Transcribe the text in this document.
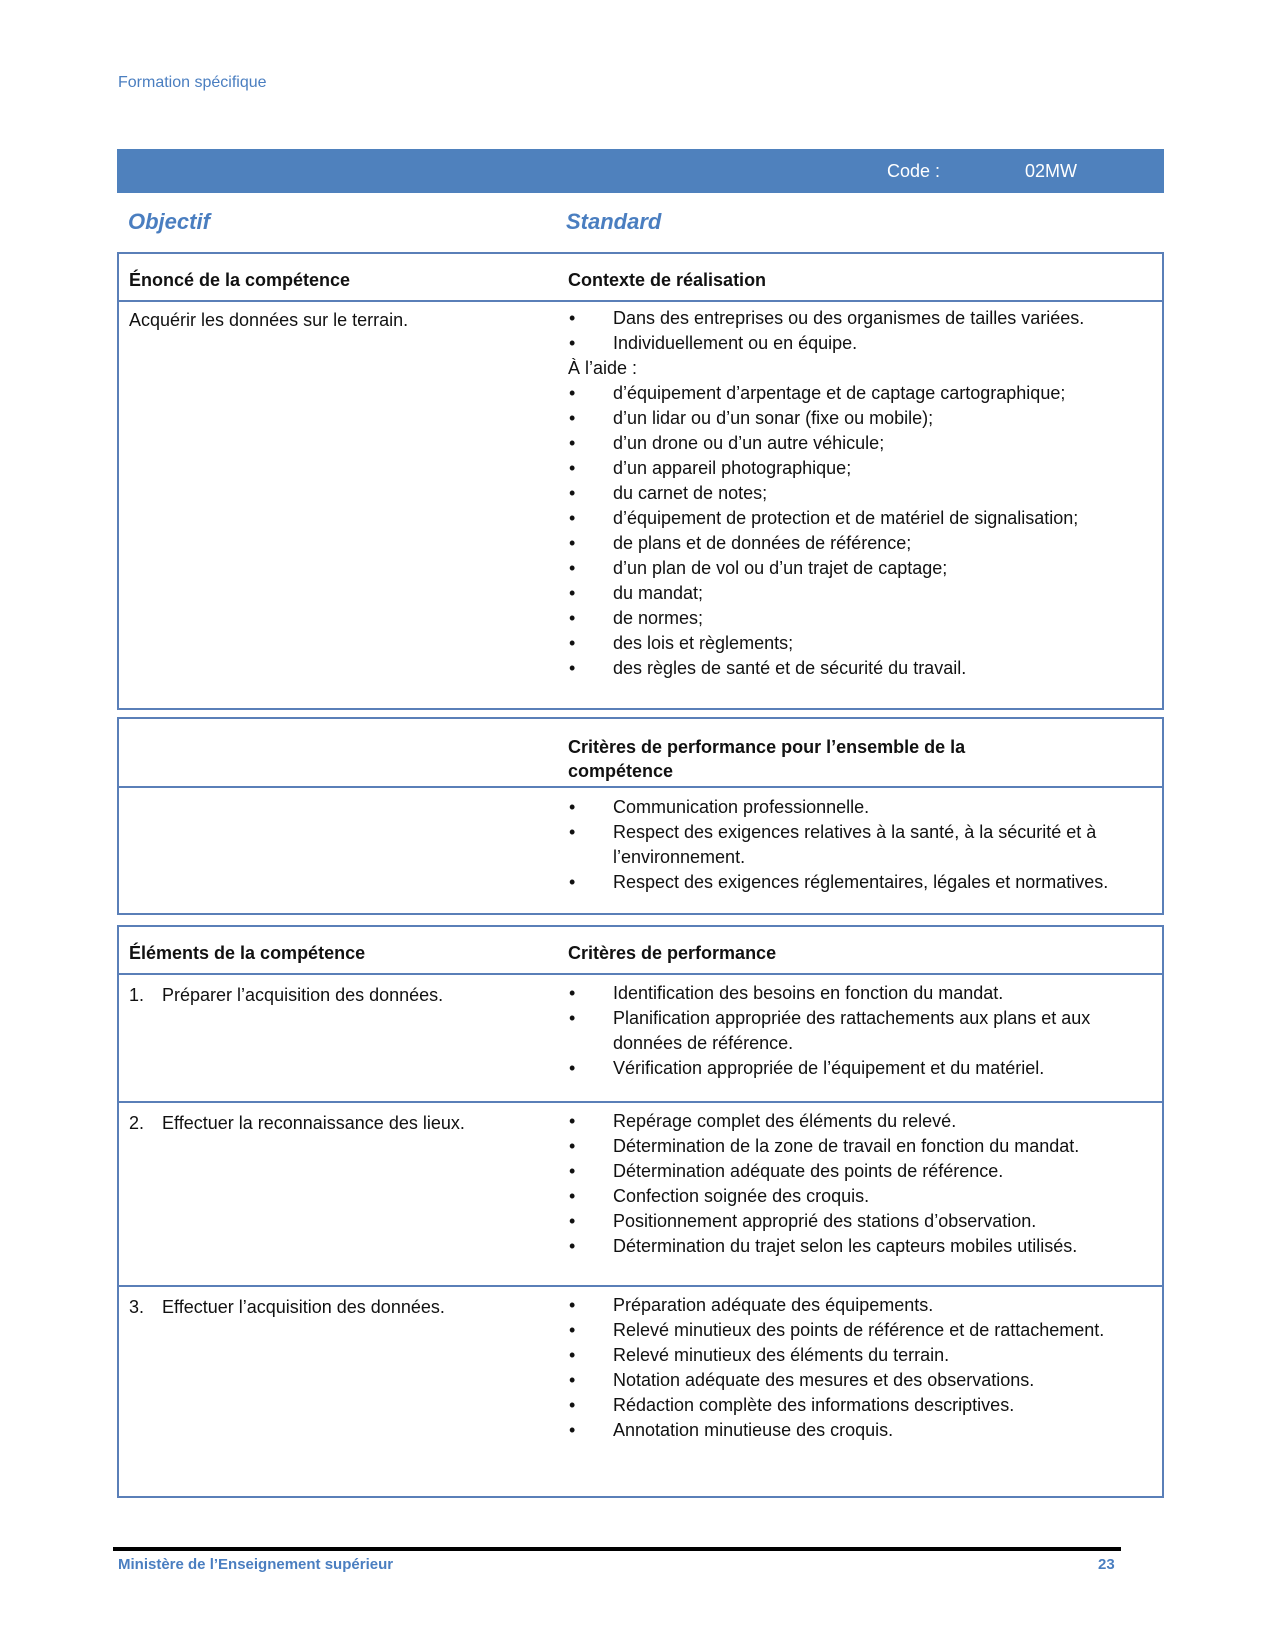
Formation spécifique
Code :	02MW
Objectif	Standard
Énoncé de la compétence	Contexte de réalisation
Acquérir les données sur le terrain.	• Dans des entreprises ou des organismes de tailles variées.
• Individuellement ou en équipe.
À l’aide :
• d’équipement d’arpentage et de captage cartographique;
• d’un lidar ou d’un sonar (fixe ou mobile);
• d’un drone ou d’un autre véhicule;
• d’un appareil photographique;
• du carnet de notes;
• d’équipement de protection et de matériel de signalisation;
• de plans et de données de référence;
• d’un plan de vol ou d’un trajet de captage;
• du mandat;
• de normes;
• des lois et règlements;
• des règles de santé et de sécurité du travail.
Critères de performance pour l’ensemble de la compétence
• Communication professionnelle.
• Respect des exigences relatives à la santé, à la sécurité et à l’environnement.
• Respect des exigences réglementaires, légales et normatives.
Éléments de la compétence	Critères de performance
1. Préparer l’acquisition des données.	• Identification des besoins en fonction du mandat.
• Planification appropriée des rattachements aux plans et aux données de référence.
• Vérification appropriée de l’équipement et du matériel.
2. Effectuer la reconnaissance des lieux.	• Repérage complet des éléments du relevé.
• Détermination de la zone de travail en fonction du mandat.
• Détermination adéquate des points de référence.
• Confection soignée des croquis.
• Positionnement approprié des stations d’observation.
• Détermination du trajet selon les capteurs mobiles utilisés.
3. Effectuer l’acquisition des données.	• Préparation adéquate des équipements.
• Relevé minutieux des points de référence et de rattachement.
• Relevé minutieux des éléments du terrain.
• Notation adéquate des mesures et des observations.
• Rédaction complète des informations descriptives.
• Annotation minutieuse des croquis.
Ministère de l’Enseignement supérieur	23
